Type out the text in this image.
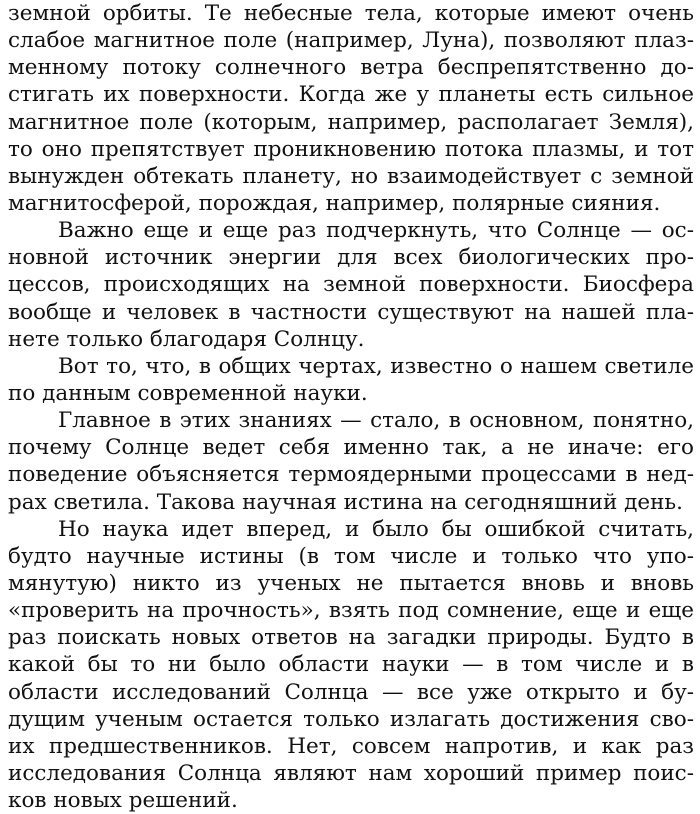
земной орбиты. Те небесные тела, которые имеют очень
слабое магнитное поле (например, Луна), позволяют плаз-
менному потоку солнечного ветра беспрепятственно до-
стигать их поверхности. Когда же у планеты есть сильное
магнитное поле (которым, например, располагает Земля),
то оно препятствует проникновению потока плазмы, и тот
вынужден обтекать планету, но взаимодействует с земной
магнитосферой, порождая, например, полярные сияния.
Важно еще и еще раз подчеркнуть, что Солнце — ос-
новной источник энергии для всех биологических про-
цессов, происходящих на земной поверхности. Биосфера
вообще и человек в частности существуют на нашей пла-
нете только благодаря Солнцу.
Вот то, что, в общих чертах, известно о нашем светиле
по данным современной науки.
Главное в этих знаниях — стало, в основном, понятно,
почему Солнце ведет себя именно так, а не иначе: его
поведение объясняется термоядерными процессами в нед-
рах светила. Такова научная истина на сегодняшний день.
Но наука идет вперед, и было бы ошибкой считать,
будто научные истины (в том числе и только что упо-
мянутую) никто из ученых не пытается вновь и вновь
«проверить на прочность», взять под сомнение, еще и еще
раз поискать новых ответов на загадки природы. Будто в
какой бы то ни было области науки — в том числе и в
области исследований Солнца — все уже открыто и бу-
дущим ученым остается только излагать достижения сво-
их предшественников. Нет, совсем напротив, и как раз
исследования Солнца являют нам хороший пример поис-
ков новых решений.
